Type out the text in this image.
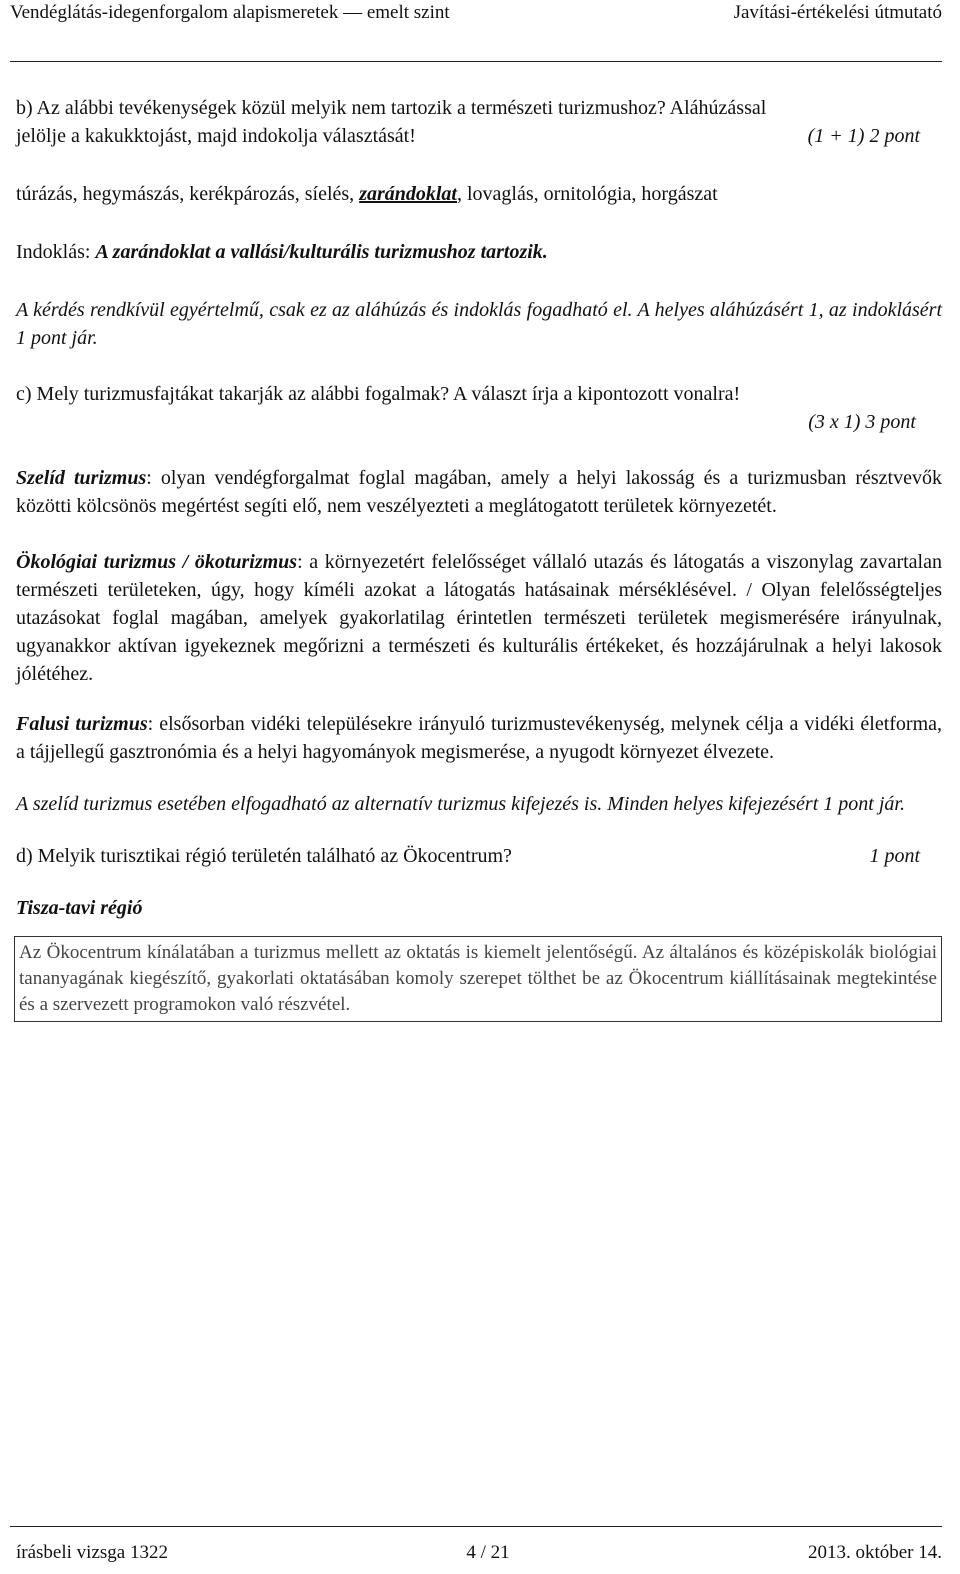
Vendéglátás-idegenforgalom alapismeretek — emelt szint	Javítási-értékelési útmutató

b) Az alábbi tevékenységek közül melyik nem tartozik a természeti turizmushoz? Aláhúzással

jelölje a kakukktojást, majd indokolja választását!	(1 + 1) 2 pont

túrázás, hegymászás, kerékpározás, síelés, zarándoklat, lovaglás, ornitológia, horgászat

Indoklás: A zarándoklat a vallási/kulturális turizmushoz tartozik.

A kérdés rendkívül egyértelmű, csak ez az aláhúzás és indoklás fogadható el. A helyes aláhúzásért 1, az indoklásért 1 pont jár.

c) Mely turizmusfajtákat takarják az alábbi fogalmak? A választ írja a kipontozott vonalra!

(3 x 1) 3 pont

Szelíd turizmus: olyan vendégforgalmat foglal magában, amely a helyi lakosság és a turizmusban résztvevők közötti kölcsönös megértést segíti elő, nem veszélyezteti a meglátogatott területek környezetét.

Ökológiai turizmus / ökoturizmus: a környezetért felelősséget vállaló utazás és látogatás a viszonylag zavartalan természeti területeken, úgy, hogy kíméli azokat a látogatás hatásainak mérséklésével. / Olyan felelősségteljes utazásokat foglal magában, amelyek gyakorlatilag érintetlen természeti területek megismerésére irányulnak, ugyanakkor aktívan igyekeznek megőrizni a természeti és kulturális értékeket, és hozzájárulnak a helyi lakosok jólétéhez.

Falusi turizmus: elsősorban vidéki településekre irányuló turizmustevékenység, melynek célja a vidéki életforma, a tájjellegű gasztronómia és a helyi hagyományok megismerése, a nyugodt környezet élvezete.

A szelíd turizmus esetében elfogadható az alternatív turizmus kifejezés is. Minden helyes kifejezésért 1 pont jár.

d) Melyik turisztikai régió területén található az Ökocentrum?	1 pont

Tisza-tavi régió

Az Ökocentrum kínálatában a turizmus mellett az oktatás is kiemelt jelentőségű. Az általános és középiskolák biológiai tananyagának kiegészítő, gyakorlati oktatásában komoly szerepet tölthet be az Ökocentrum kiállításainak megtekintése és a szervezett programokon való részvétel.
írásbeli vizsga 1322	4 / 21	2013. október 14.
